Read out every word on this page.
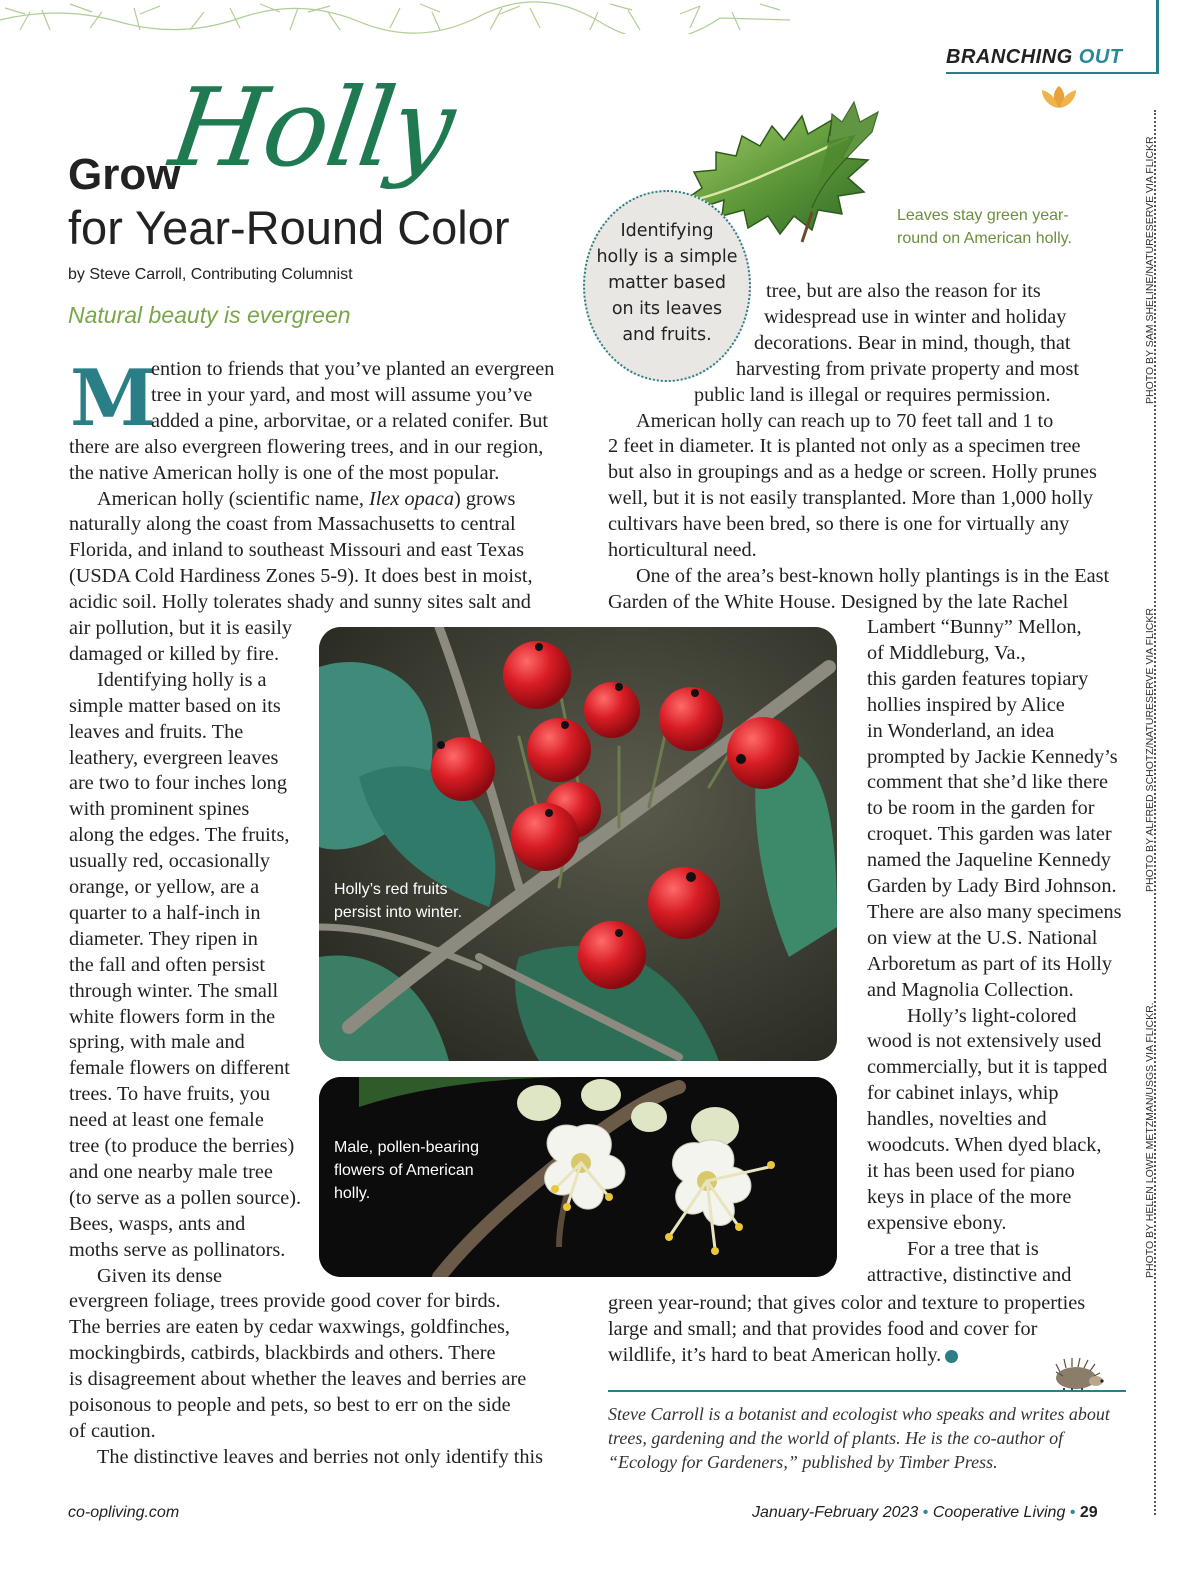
BRANCHING OUT
Holly
Grow
for Year-Round Color
by Steve Carroll, Contributing Columnist
Natural beauty is evergreen
Leaves stay green year-round on American holly.
Identifying
holly is a simple
matter based
on its leaves
and fruits.
M
ention to friends that you’ve planted an evergreen
tree in your yard, and most will assume you’ve
added a pine, arborvitae, or a related conifer. But
there are also evergreen flowering trees, and in our region,
the native American holly is one of the most popular.
American holly (scientific name, Ilex opaca) grows
naturally along the coast from Massachusetts to central
Florida, and inland to southeast Missouri and east Texas
(USDA Cold Hardiness Zones 5-9). It does best in moist,
acidic soil. Holly tolerates shady and sunny sites salt and
air pollution, but it is easily
damaged or killed by fire.
Identifying holly is a
simple matter based on its
leaves and fruits. The
leathery, evergreen leaves
are two to four inches long
with prominent spines
along the edges. The fruits,
usually red, occasionally
orange, or yellow, are a
quarter to a half-inch in
diameter. They ripen in
the fall and often persist
through winter. The small
white flowers form in the
spring, with male and
female flowers on different
trees. To have fruits, you
need at least one female
tree (to produce the berries)
and one nearby male tree
(to serve as a pollen source).
Bees, wasps, ants and
moths serve as pollinators.
Given its dense
evergreen foliage, trees provide good cover for birds.
The berries are eaten by cedar waxwings, goldfinches,
mockingbirds, catbirds, blackbirds and others. There
is disagreement about whether the leaves and berries are
poisonous to people and pets, so best to err on the side
of caution.
The distinctive leaves and berries not only identify this
tree, but are also the reason for its
widespread use in winter and holiday
decorations. Bear in mind, though, that
harvesting from private property and most
public land is illegal or requires permission.
American holly can reach up to 70 feet tall and 1 to
2 feet in diameter. It is planted not only as a specimen tree
but also in groupings and as a hedge or screen. Holly prunes
well, but it is not easily transplanted. More than 1,000 holly
cultivars have been bred, so there is one for virtually any
horticultural need.
One of the area’s best-known holly plantings is in the East
Garden of the White House. Designed by the late Rachel
Lambert “Bunny” Mellon,
of Middleburg, Va.,
this garden features topiary
hollies inspired by Alice
in Wonderland, an idea
prompted by Jackie Kennedy’s
comment that she’d like there
to be room in the garden for
croquet. This garden was later
named the Jaqueline Kennedy
Garden by Lady Bird Johnson.
There are also many specimens
on view at the U.S. National
Arboretum as part of its Holly
and Magnolia Collection.
Holly’s light-colored
wood is not extensively used
commercially, but it is tapped
for cabinet inlays, whip
handles, novelties and
woodcuts. When dyed black,
it has been used for piano
keys in place of the more
expensive ebony.
For a tree that is
attractive, distinctive and
green year-round; that gives color and texture to properties
large and small; and that provides food and cover for
wildlife, it’s hard to beat American holly.
Holly’s red fruits
persist into winter.
Male, pollen-bearing
flowers of American
holly.
PHOTO BY SAM SHELINE/NATURESERVE VIA FLICKR
PHOTO BY ALFRED SCHOTZ/NATURESERVE VIA FLICKR
PHOTO BY HELEN LOWE METZMAN/USGS VIA FLICKR.
Steve Carroll is a botanist and ecologist who speaks and writes about trees, gardening and the world of plants. He is the co-author of “Ecology for Gardeners,” published by Timber Press.
co-opliving.com	January-February 2023 • Cooperative Living • 29
